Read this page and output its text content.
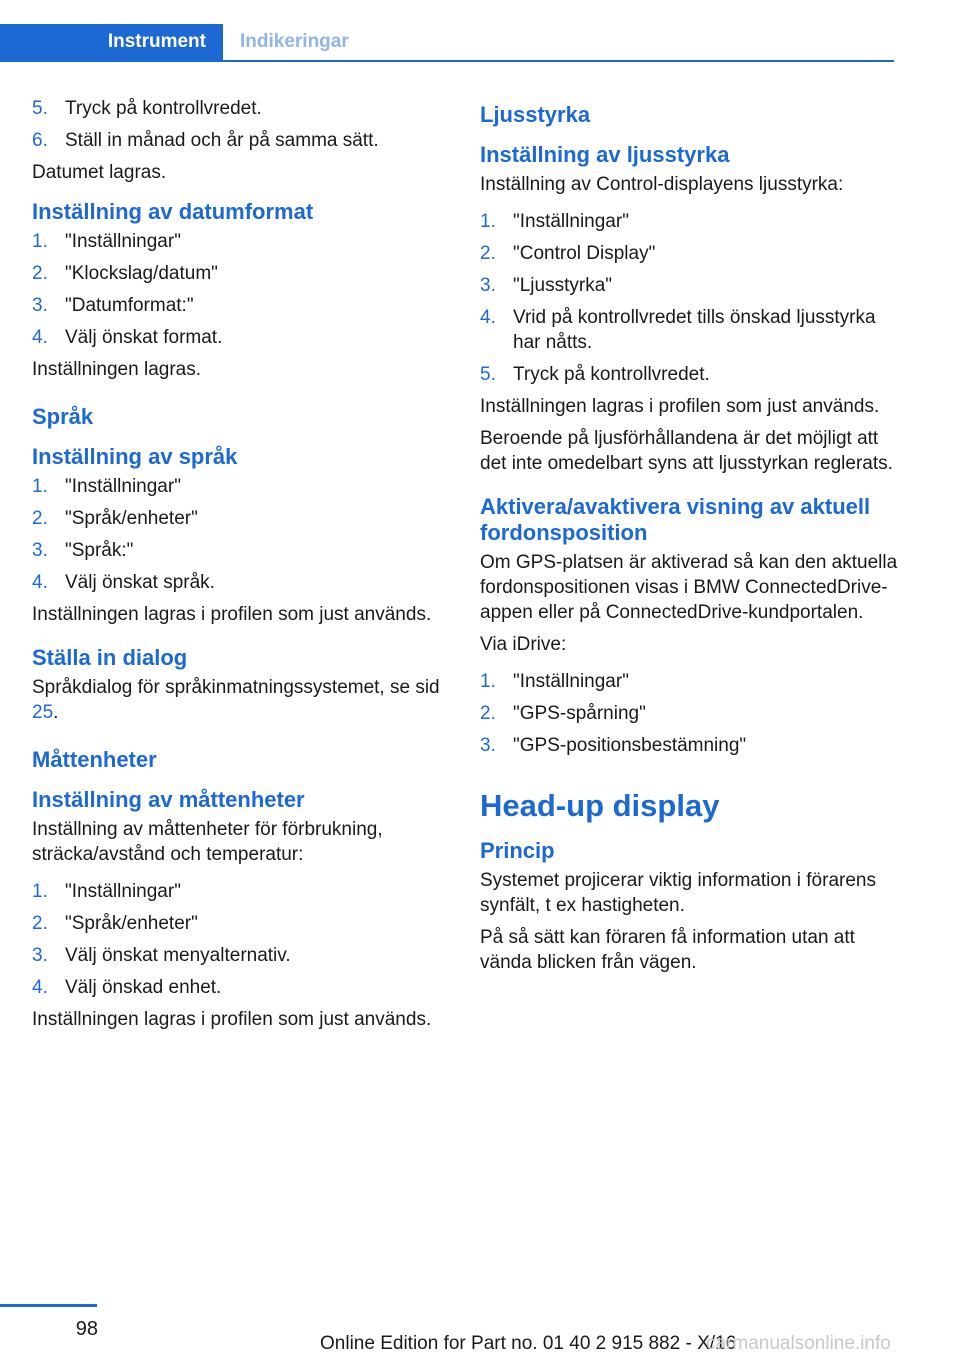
Instrument Indikeringar
5. Tryck på kontrollvredet.
6. Ställ in månad och år på samma sätt.

Datumet lagras.

Inställning av datumformat
1. "Inställningar"
2. "Klockslag/datum"
3. "Datumformat:"
4. Välj önskat format.

Inställningen lagras.

Språk
Inställning av språk
1. "Inställningar"
2. "Språk/enheter"
3. "Språk:"
4. Välj önskat språk.

Inställningen lagras i profilen som just används.

Ställa in dialog

Språkdialog för språkinmatningssystemet, se sid 25.

Måttenheter
Inställning av måttenheter

Inställning av måttenheter för förbrukning, sträcka/avstånd och temperatur:

1. "Inställningar"
2. "Språk/enheter"
3. Välj önskat menyalternativ.
4. Välj önskad enhet.

Inställningen lagras i profilen som just används.

Ljusstyrka
Inställning av ljusstyrka

Inställning av Control-displayens ljusstyrka:

1. "Inställningar"
2. "Control Display"
3. "Ljusstyrka"
4. Vrid på kontrollvredet tills önskad ljusstyrka har nåtts.
5. Tryck på kontrollvredet.

Inställningen lagras i profilen som just används.

Beroende på ljusförhållandena är det möjligt att det inte omedelbart syns att ljusstyrkan reglerats.

Aktivera/avaktivera visning av aktuell fordonsposition

Om GPS-platsen är aktiverad så kan den aktuella fordonspositionen visas i BMW ConnectedDrive-appen eller på ConnectedDrive-kundportalen.

Via iDrive:

1. "Inställningar"
2. "GPS-spårning"
3. "GPS-positionsbestämning"
Head-up display
Princip

Systemet projicerar viktig information i förarens synfält, t ex hastigheten.

På så sätt kan föraren få information utan att vända blicken från vägen.

98
Online Edition for Part no. 01 40 2 915 882 - X/16
carmanualsonline.info
